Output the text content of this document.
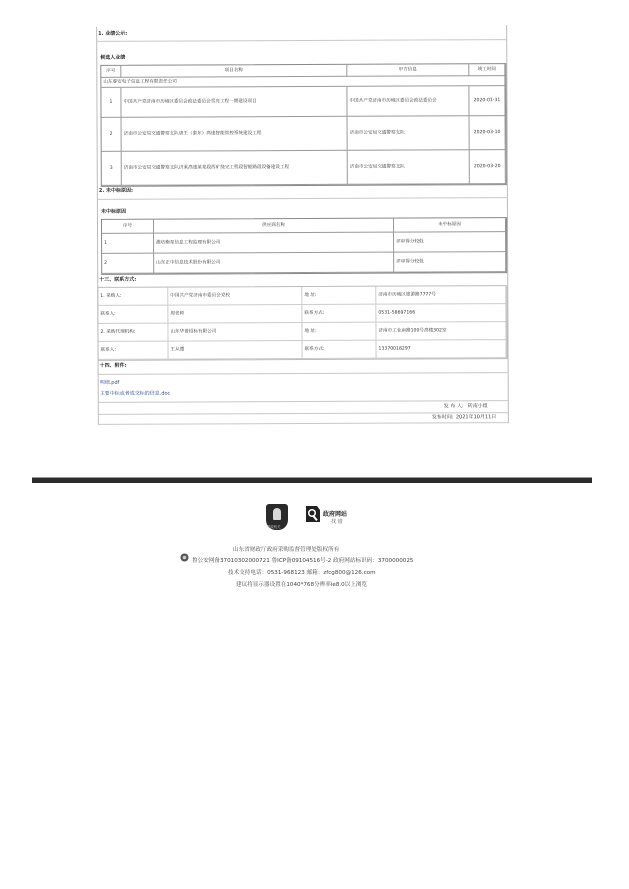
1. 业绩公示:
候选人业绩
序号	项目名称	甲方信息	竣工时间
山东睿安电子信息工程有限责任公司
1	中国共产党济南市历城区委员会政法委员会雪亮工程一期建设项目	中国共产党济南市历城区委员会政法委员会	2020-01-31
2	济南市公安局交通警察支队唐王（泰东）高速智能管控系统建设工程	济南市公安局交通警察支队	2020-03-10
3	济南市公安局交通警察支队济莱高速莱芜段西矿绕完工程段智能路段设备建设工程	济南市公安局交通警察支队	2020-03-20
2. 未中标原因:
未中标原因
序号	供应商名称	未中标原因
1	潍坊衡星信息工程监理有限公司	评审得分较低
2	山东正中信息技术股份有限公司	评审得分较低
十三、联系方式:
1. 采购人:	中国共产党济南市委员会党校	地 址:	济南市历城区旅游路7777号
联系人:	周老师	联系方式:	0531-58697166
2. 采购代理机构:	山东华普招标有限公司	地 址:	济南市工业南路100号高楼302室
联系人:	王从缨	联系方式:	13370018297
十四、附件:
明细.pdf
主要中标或者成交标的信息.doc
发 布 人: 砖南小组
发布时间: 2021年10月11日
党政机关
政府网站
找 错
山东省财政厅政府采购监督管理处版权所有
鲁公安网备37010302000721 鲁ICP备09104516号-2 政府网站标识码：3700000025
技术支持电话：0531-968123 邮箱：zfcg800@126.com
建议将显示器设置在1040*768分辨率ie8.0以上浏览
